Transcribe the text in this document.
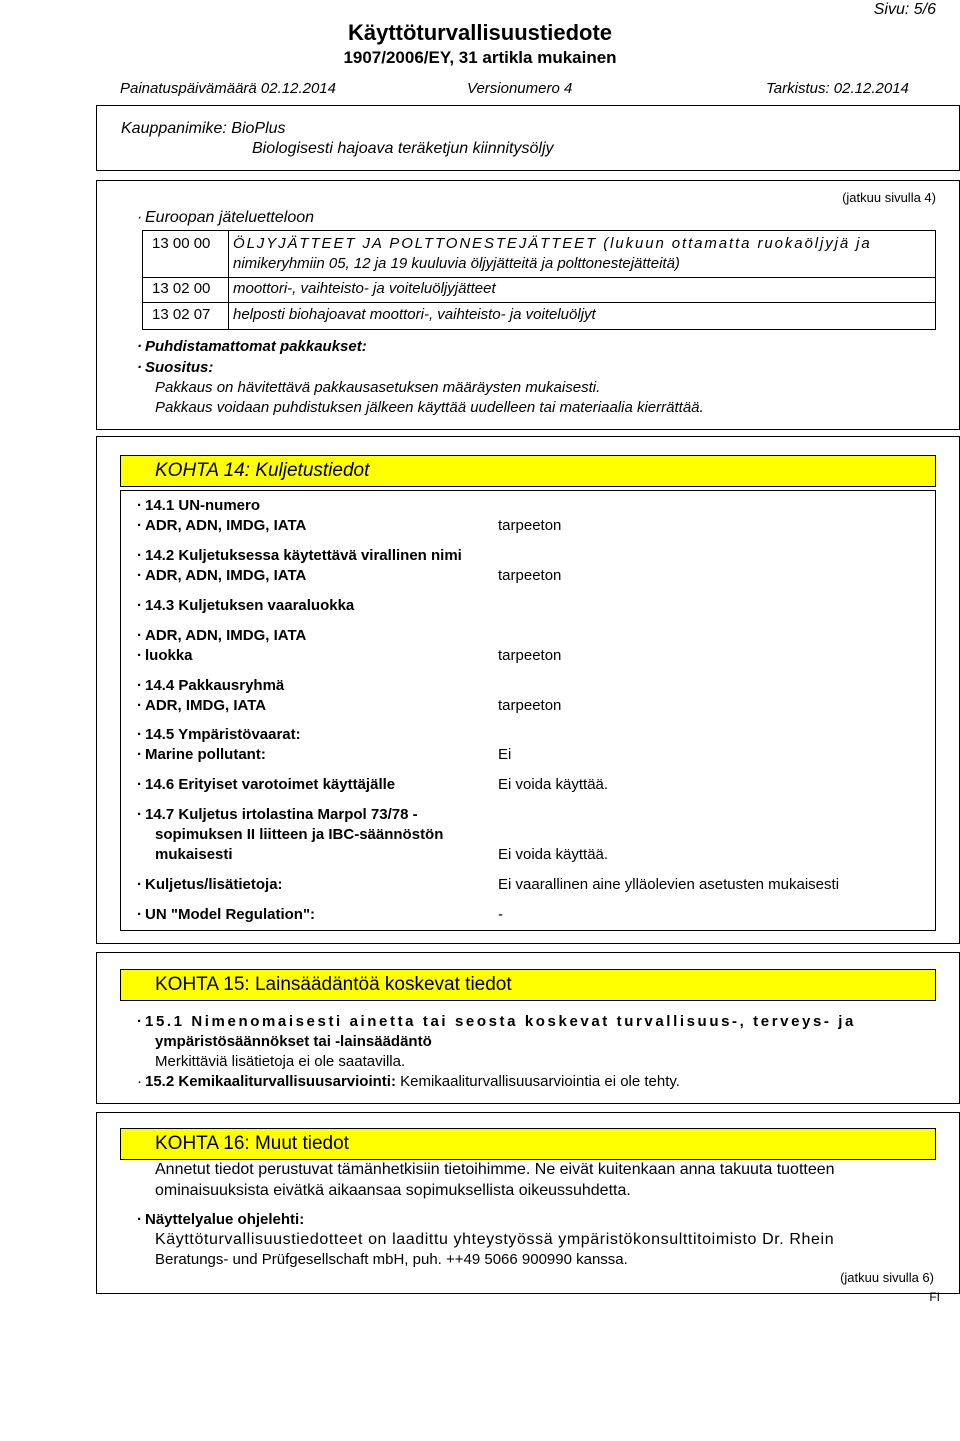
Sivu: 5/6
Käyttöturvallisuustiedote
1907/2006/EY, 31 artikla mukainen
Painatuspäivämäärä 02.12.2014	Versionumero 4	Tarkistus: 02.12.2014
Kauppanimike: BioPlus
Biologisesti hajoava teräketjun kiinnitysöljy
(jatkuu sivulla 4)
· Euroopan jäteluetteloon
13 00 00 ÖLJYJÄTTEET JA POLTTONESTEJÄTTEET (lukuun ottamatta ruokaöljyjä ja
nimikeryhmiin 05, 12 ja 19 kuuluvia öljyjätteitä ja polttonestejätteitä)
13 02 00 moottori-, vaihteisto- ja voiteluöljyjätteet
13 02 07 helposti biohajoavat moottori-, vaihteisto- ja voiteluöljyt
· Puhdistamattomat pakkaukset:
· Suositus:
Pakkaus on hävitettävä pakkausasetuksen määräysten mukaisesti.
Pakkaus voidaan puhdistuksen jälkeen käyttää uudelleen tai materiaalia kierrättää.
KOHTA 14: Kuljetustiedot
· 14.1 UN-numero
· ADR, ADN, IMDG, IATA	tarpeeton
· 14.2 Kuljetuksessa käytettävä virallinen nimi
· ADR, ADN, IMDG, IATA	tarpeeton
· 14.3 Kuljetuksen vaaraluokka
· ADR, ADN, IMDG, IATA
· luokka	tarpeeton
· 14.4 Pakkausryhmä
· ADR, IMDG, IATA	tarpeeton
· 14.5 Ympäristövaarat:
· Marine pollutant:	Ei
· 14.6 Erityiset varotoimet käyttäjälle	Ei voida käyttää.
· 14.7 Kuljetus irtolastina Marpol 73/78 -
sopimuksen II liitteen ja IBC-säännöstön
mukaisesti	Ei voida käyttää.
· Kuljetus/lisätietoja:	Ei vaarallinen aine ylläolevien asetusten mukaisesti
· UN "Model Regulation":	-
KOHTA 15: Lainsäädäntöä koskevat tiedot
·15.1 Nimenomaisesti ainetta tai seosta koskevat turvallisuus-, terveys- ja
ympäristösäännökset tai -lainsäädäntö
Merkittäviä lisätietoja ei ole saatavilla.
· 15.2 Kemikaaliturvallisuusarviointi: Kemikaaliturvallisuusarviointia ei ole tehty.
KOHTA 16: Muut tiedot
Annetut tiedot perustuvat tämänhetkisiin tietoihimme. Ne eivät kuitenkaan anna takuuta tuotteen
ominaisuuksista eivätkä aikaansaa sopimuksellista oikeussuhdetta.
· Näyttelyalue ohjelehti:
Käyttöturvallisuustiedotteet on laadittu yhteystyössä ympäristökonsulttitoimisto Dr. Rhein
Beratungs- und Prüfgesellschaft mbH, puh. ++49 5066 900990 kanssa.
(jatkuu sivulla 6)
FI
